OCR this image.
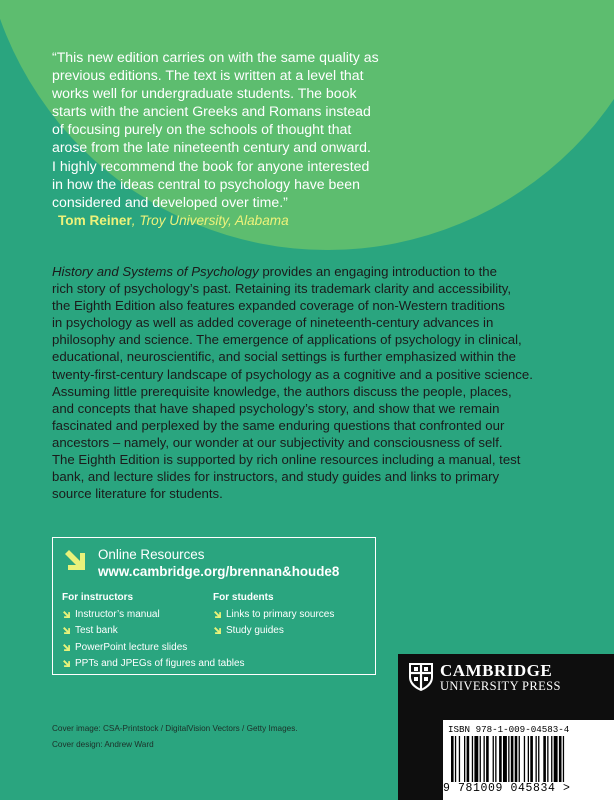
“This new edition carries on with the same quality as

previous editions. The text is written at a level that

works well for undergraduate students. The book

starts with the ancient Greeks and Romans instead

of focusing purely on the schools of thought that

arose from the late nineteenth century and onward.

I highly recommend the book for anyone interested

in how the ideas central to psychology have been

considered and developed over time.”

Tom Reiner, Troy University, Alabama

History and Systems of Psychology provides an engaging introduction to the

rich story of psychology’s past. Retaining its trademark clarity and accessibility,

the Eighth Edition also features expanded coverage of non-Western traditions

in psychology as well as added coverage of nineteenth-century advances in

philosophy and science. The emergence of applications of psychology in clinical,

educational, neuroscientific, and social settings is further emphasized within the

twenty-first-century landscape of psychology as a cognitive and a positive science.

Assuming little prerequisite knowledge, the authors discuss the people, places,

and concepts that have shaped psychology’s story, and show that we remain

fascinated and perplexed by the same enduring questions that confronted our

ancestors – namely, our wonder at our subjectivity and consciousness of self.

The Eighth Edition is supported by rich online resources including a manual, test

bank, and lecture slides for instructors, and study guides and links to primary

source literature for students.

Online Resources
www.cambridge.org/brennan&houde8
For instructors
Instructor’s manual
Test bank
PowerPoint lecture slides
PPTs and JPEGs of figures and tables
For students
Links to primary sources
Study guides
Cover image: CSA-Printstock / DigitalVision Vectors / Getty Images.
Cover design: Andrew Ward
CAMBRIDGE
UNIVERSITY PRESS
ISBN 978-1-009-04583-4
9 781009 045834 >
